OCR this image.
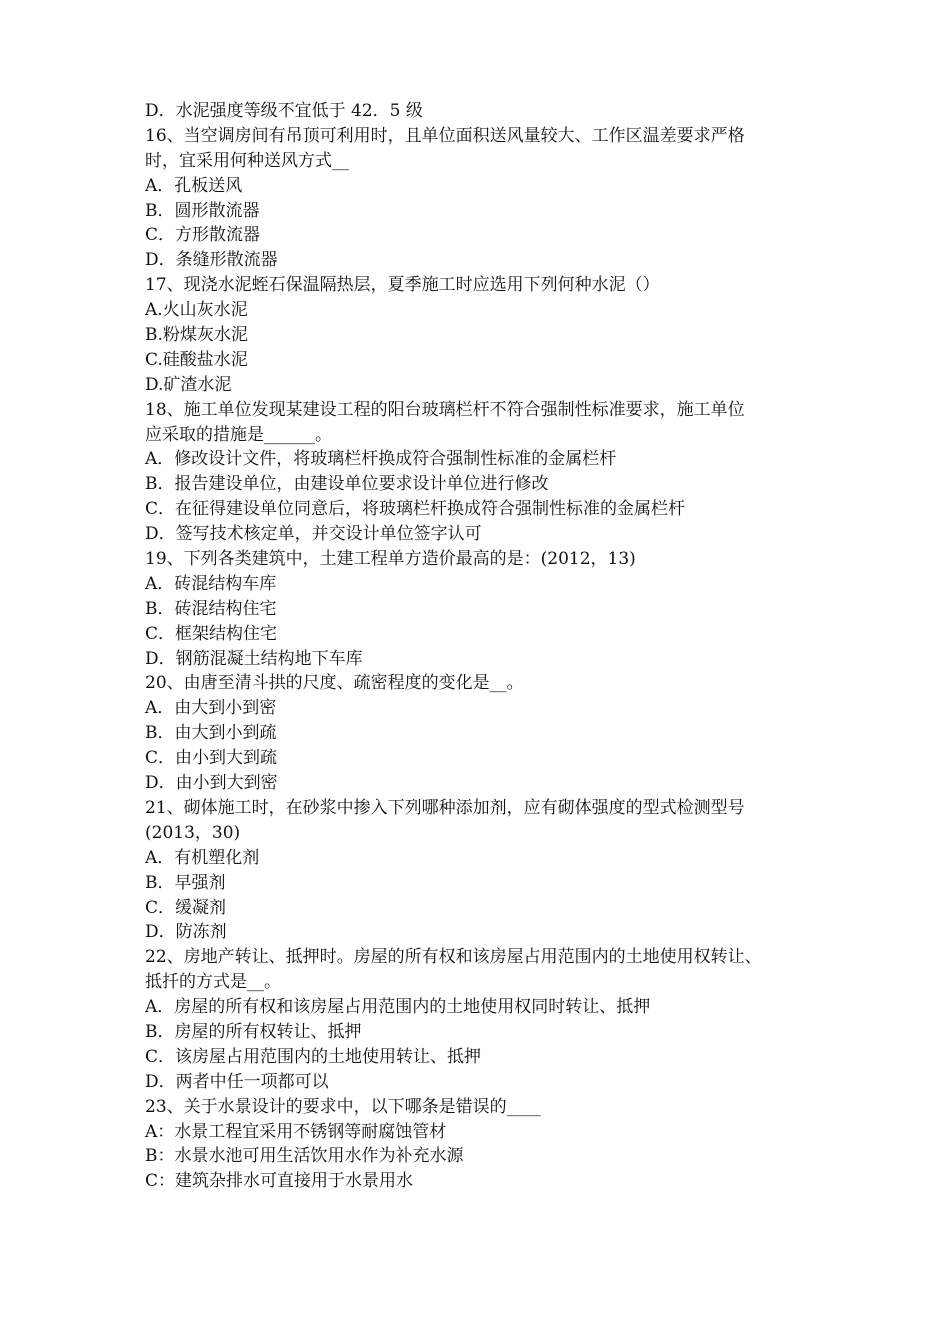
D．水泥强度等级不宜低于 42．5 级
16、当空调房间有吊顶可利用时，且单位面积送风量较大、工作区温差要求严格
时，宜采用何种送风方式__
A．孔板送风
B．圆形散流器
C．方形散流器
D．条缝形散流器
17、现浇水泥蛭石保温隔热层，夏季施工时应选用下列何种水泥（）
A.火山灰水泥
B.粉煤灰水泥
C.硅酸盐水泥
D.矿渣水泥
18、施工单位发现某建设工程的阳台玻璃栏杆不符合强制性标准要求，施工单位
应采取的措施是______。
A．修改设计文件，将玻璃栏杆换成符合强制性标准的金属栏杆
B．报告建设单位，由建设单位要求设计单位进行修改
C．在征得建设单位同意后，将玻璃栏杆换成符合强制性标准的金属栏杆
D．签写技术核定单，并交设计单位签字认可
19、下列各类建筑中，土建工程单方造价最高的是：(2012，13)
A．砖混结构车库
B．砖混结构住宅
C．框架结构住宅
D．钢筋混凝土结构地下车库
20、由唐至清斗拱的尺度、疏密程度的变化是__。
A．由大到小到密
B．由大到小到疏
C．由小到大到疏
D．由小到大到密
21、砌体施工时，在砂浆中掺入下列哪种添加剂，应有砌体强度的型式检测型号
(2013，30)
A．有机塑化剂
B．早强剂
C．缓凝剂
D．防冻剂
22、房地产转让、抵押时。房屋的所有权和该房屋占用范围内的土地使用权转让、
抵扦的方式是__。
A．房屋的所有权和该房屋占用范围内的土地使用权同时转让、抵押
B．房屋的所有权转让、抵押
C．该房屋占用范围内的土地使用转让、抵押
D．两者中任一项都可以
23、关于水景设计的要求中，以下哪条是错误的____
A：水景工程宜采用不锈钢等耐腐蚀管材
B：水景水池可用生活饮用水作为补充水源
C：建筑杂排水可直接用于水景用水
